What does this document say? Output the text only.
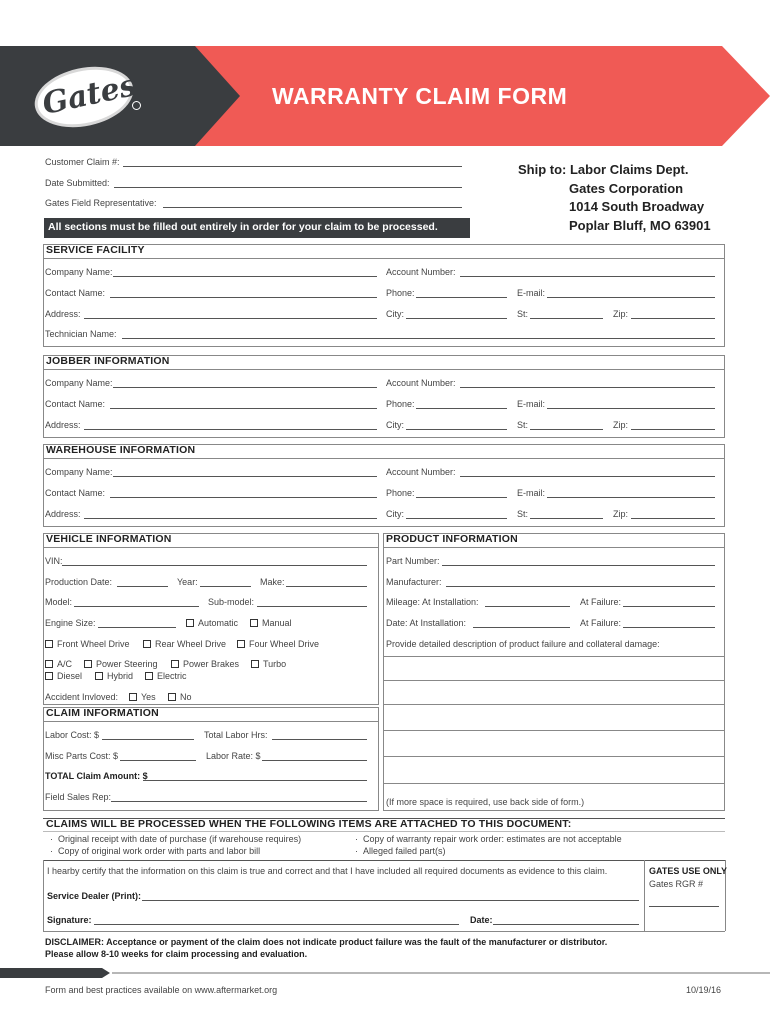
Gates	WARRANTY CLAIM FORM
Customer Claim #:
Date Submitted:
Gates Field Representative:
All sections must be filled out entirely in order for your claim to be processed.
Ship to: Labor Claims Dept.
Gates Corporation
1014 South Broadway
Poplar Bluff, MO 63901
SERVICE FACILITY
Company Name:	Account Number:
Contact Name:	Phone:	E-mail:
Address:	City:	St:	Zip:
Technician Name:
JOBBER INFORMATION
Company Name:	Account Number:
Contact Name:	Phone:	E-mail:
Address:	City:	St:	Zip:
WAREHOUSE INFORMATION
Company Name:	Account Number:
Contact Name:	Phone:	E-mail:
Address:	City:	St:	Zip:
VEHICLE INFORMATION
VIN:
Production Date:	Year:	Make:
Model:	Sub-model:
Engine Size:	Automatic	Manual
Front Wheel Drive	Rear Wheel Drive	Four Wheel Drive
A/C	Power Steering	Power Brakes	Turbo
Diesel	Hybrid	Electric
Accident Invloved:	Yes	No
PRODUCT INFORMATION
Part Number:
Manufacturer:
Mileage: At Installation:	At Failure:
Date: At Installation:	At Failure:
Provide detailed description of product failure and collateral damage:
(If more space is required, use back side of form.)
CLAIM INFORMATION
Labor Cost: $	Total Labor Hrs:
Misc Parts Cost: $	Labor Rate: $
TOTAL Claim Amount: $
Field Sales Rep:
CLAIMS WILL BE PROCESSED WHEN THE FOLLOWING ITEMS ARE ATTACHED TO THIS DOCUMENT:
·  Original receipt with date of purchase (if warehouse requires)
·  Copy of original work order with parts and labor bill
·  Copy of warranty repair work order: estimates are not acceptable
·  Alleged failed part(s)
I hearby certify that the information on this claim is true and correct and that I have included all required documents as evidence to this claim.
Service Dealer (Print):
Signature:	Date:
GATES USE ONLY
Gates RGR #
DISCLAIMER: Acceptance or payment of the claim does not indicate product failure was the fault of the manufacturer or distributor.
Please allow 8-10 weeks for claim processing and evaluation.
Form and best practices available on www.aftermarket.org	10/19/16
